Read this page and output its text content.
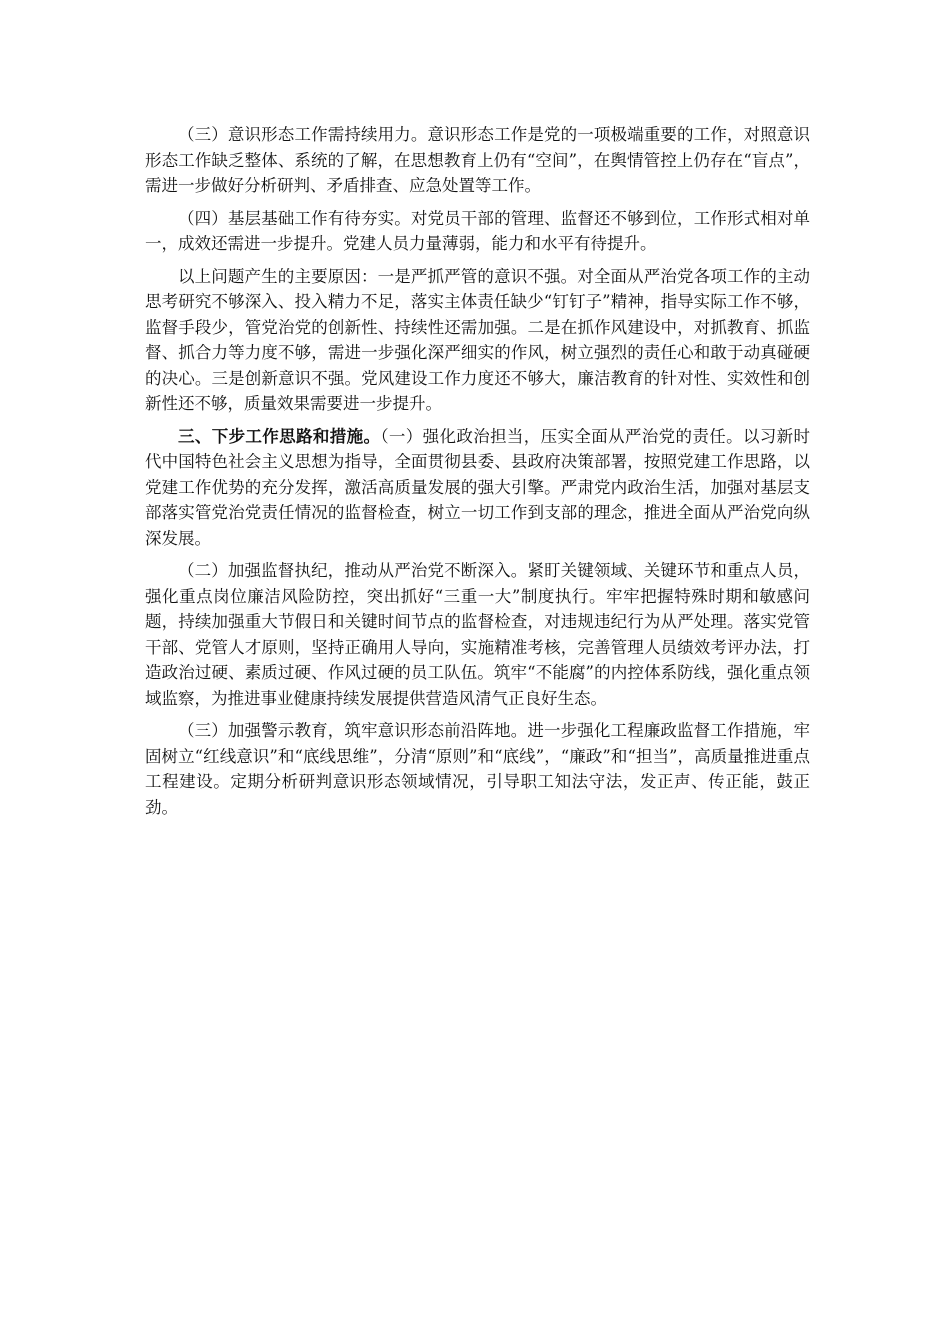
（三）意识形态工作需持续用力。意识形态工作是党的一项极端重要的工作，对照意识形态工作缺乏整体、系统的了解，在思想教育上仍有“空间”，在舆情管控上仍存在“盲点”，需进一步做好分析研判、矛盾排查、应急处置等工作。

（四）基层基础工作有待夯实。对党员干部的管理、监督还不够到位，工作形式相对单一，成效还需进一步提升。党建人员力量薄弱，能力和水平有待提升。

以上问题产生的主要原因：一是严抓严管的意识不强。对全面从严治党各项工作的主动思考研究不够深入、投入精力不足，落实主体责任缺少“钉钉子”精神，指导实际工作不够，监督手段少，管党治党的创新性、持续性还需加强。二是在抓作风建设中，对抓教育、抓监督、抓合力等力度不够，需进一步强化深严细实的作风，树立强烈的责任心和敢于动真碰硬的决心。三是创新意识不强。党风建设工作力度还不够大，廉洁教育的针对性、实效性和创新性还不够，质量效果需要进一步提升。

三、下步工作思路和措施。（一）强化政治担当，压实全面从严治党的责任。以习新时代中国特色社会主义思想为指导，全面贯彻县委、县政府决策部署，按照党建工作思路，以党建工作优势的充分发挥，激活高质量发展的强大引擎。严肃党内政治生活，加强对基层支部落实管党治党责任情况的监督检查，树立一切工作到支部的理念，推进全面从严治党向纵深发展。

（二）加强监督执纪，推动从严治党不断深入。紧盯关键领域、关键环节和重点人员，强化重点岗位廉洁风险防控，突出抓好“三重一大”制度执行。牢牢把握特殊时期和敏感问题，持续加强重大节假日和关键时间节点的监督检查，对违规违纪行为从严处理。落实党管干部、党管人才原则，坚持正确用人导向，实施精准考核，完善管理人员绩效考评办法，打造政治过硬、素质过硬、作风过硬的员工队伍。筑牢“不能腐”的内控体系防线，强化重点领域监察，为推进事业健康持续发展提供营造风清气正良好生态。

（三）加强警示教育，筑牢意识形态前沿阵地。进一步强化工程廉政监督工作措施，牢固树立“红线意识”和“底线思维”，分清“原则”和“底线”，“廉政”和“担当”，高质量推进重点工程建设。定期分析研判意识形态领域情况，引导职工知法守法，发正声、传正能，鼓正劲。
